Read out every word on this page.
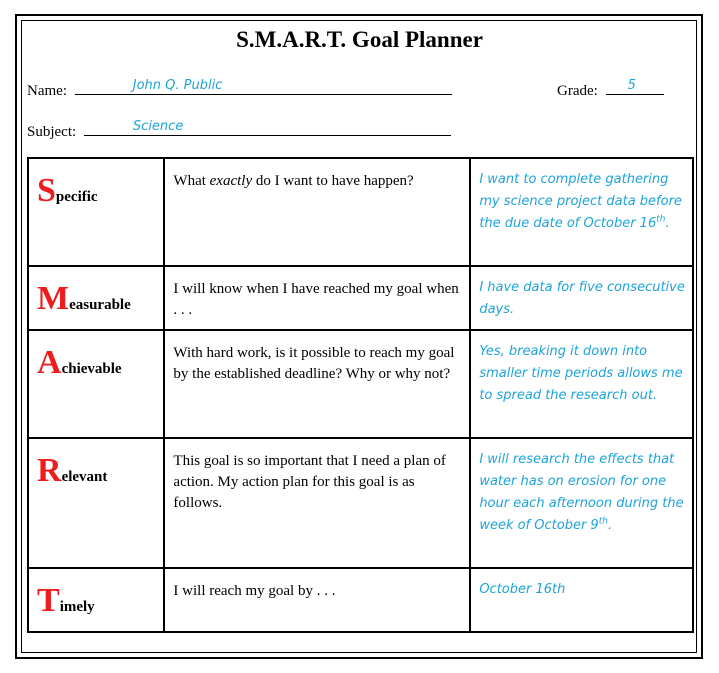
S.M.A.R.T. Goal Planner
Name:	John Q. Public	Grade: 5
Subject:	Science
Specific	What exactly do I want to have happen?	I want to complete gathering my science project data before the due date of October 16th.

Measurable	I will know when I have reached my goal when . . .	I have data for five consecutive days.

Achievable	With hard work, is it possible to reach my goal by the established deadline? Why or why not?	Yes, breaking it down into smaller time periods allows me to spread the research out.

Relevant	This goal is so important that I need a plan of action. My action plan for this goal is as follows.	I will research the effects that water has on erosion for one hour each afternoon during the week of October 9th.

Timely	I will reach my goal by . . .	October 16th
